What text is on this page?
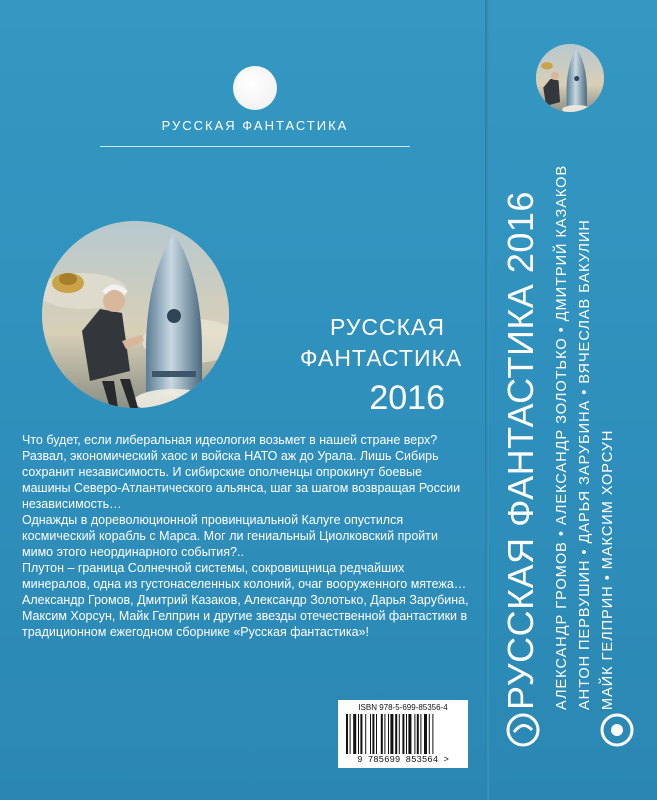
РУССКАЯ ФАНТАСТИКА
РУССКАЯ
ФАНТАСТИКА
2016

Что будет, если либеральная идеология возьмет в нашей стране верх? Развал, экономический хаос и войска НАТО аж до Урала. Лишь Сибирь сохранит независимость. И сибирские ополченцы опрокинут боевые машины Северо-Атлантического альянса, шаг за шагом возвращая России независимость…

Однажды в дореволюционной провинциальной Калуге опустился космический корабль с Марса. Мог ли гениальный Циолковский пройти мимо этого неординарного события?..

Плутон – граница Солнечной системы, сокровищница редчайших минералов, одна из густонаселенных колоний, очаг вооруженного мятежа…

Александр Громов, Дмитрий Казаков, Александр Золотько, Дарья Зарубина, Максим Хорсун, Майк Гелприн и другие звезды отечественной фантастики в традиционном ежегодном сборнике «Русская фантастика»!

ISBN 978-5-699-85356-4
9 785699 853564 >
РУССКАЯ ФАНТАСТИКА 2016 АЛЕКСАНДР ГРОМОВ • АЛЕКСАНДР ЗОЛОТЬКО • ДМИТРИЙ КАЗАКОВ АНТОН ПЕРВУШИН • ДАРЬЯ ЗАРУБИНА • ВЯЧЕСЛАВ БАКУЛИН МАЙК ГЕЛПРИН • МАКСИМ ХОРСУН
